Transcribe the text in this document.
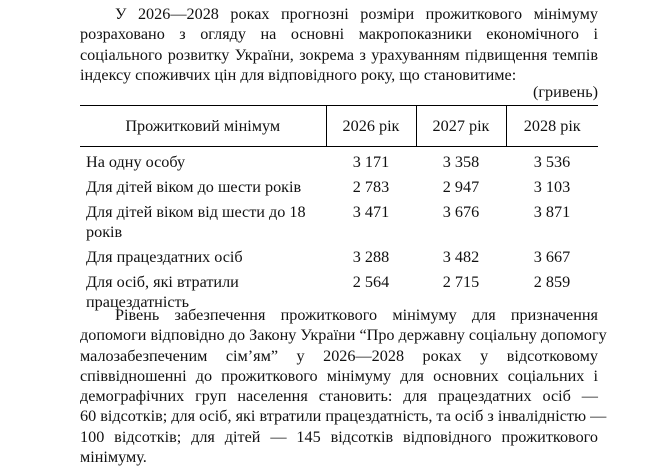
У 2026—2028 роках прогнозні розміри прожиткового мінімуму
розраховано з огляду на основні макропоказники економічного і
соціального розвитку України, зокрема з урахуванням підвищення темпів
індексу споживчих цін для відповідного року, що становитиме:

(гривень)
Прожитковий мінімум	2026 рік	2027 рік	2028 рік
На одну особу	3 171	3 358	3 536
Для дітей віком до шести років	2 783	2 947	3 103
Для дітей віком від шести до 18 років	3 471	3 676	3 871
Для працездатних осіб	3 288	3 482	3 667
Для осіб, які втратили працездатність	2 564	2 715	2 859

Рівень забезпечення прожиткового мінімуму для призначення
допомоги відповідно до Закону України “Про державну соціальну допомогу
малозабезпеченим сім’ям” у 2026—2028 роках у відсотковому
співвідношенні до прожиткового мінімуму для основних соціальних і
демографічних груп населення становить: для працездатних осіб —
60 відсотків; для осіб, які втратили працездатність, та осіб з інвалідністю —
100 відсотків; для дітей — 145 відсотків відповідного прожиткового
мінімуму.
